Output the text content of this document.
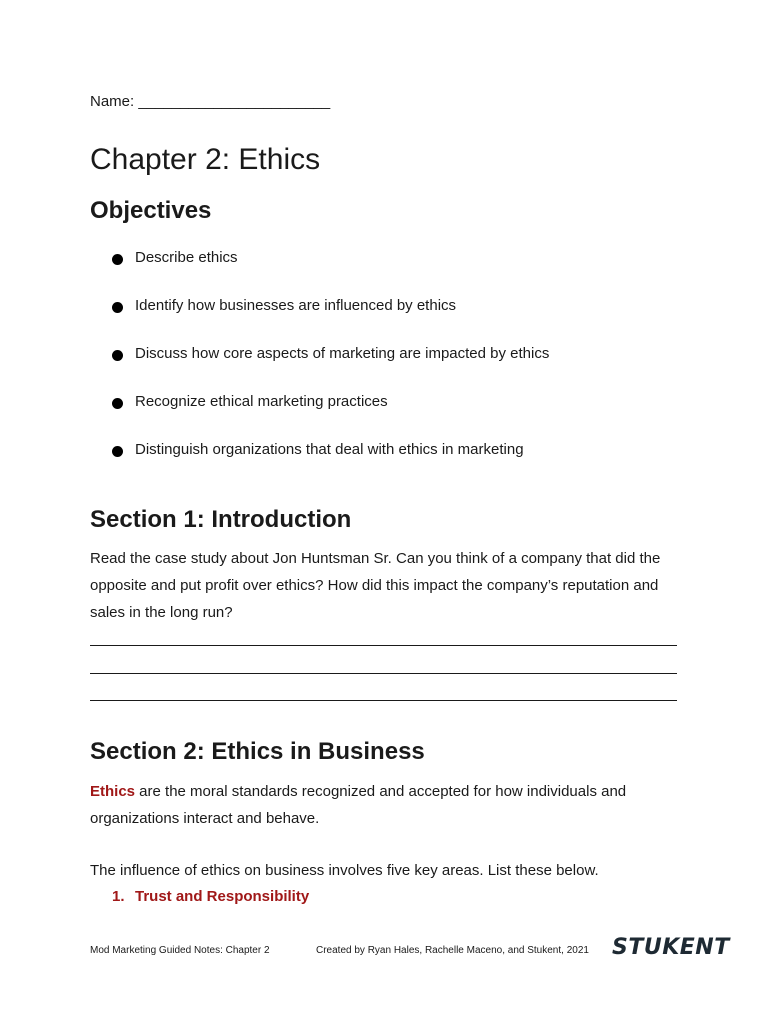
Name: _______________________
Chapter 2: Ethics
Objectives
Describe ethics
Identify how businesses are influenced by ethics
Discuss how core aspects of marketing are impacted by ethics
Recognize ethical marketing practices
Distinguish organizations that deal with ethics in marketing
Section 1: Introduction

Read the case study about Jon Huntsman Sr. Can you think of a company that did the opposite and put profit over ethics? How did this impact the company’s reputation and sales in the long run?

Section 2: Ethics in Business

Ethics are the moral standards recognized and accepted for how individuals and organizations interact and behave.

The influence of ethics on business involves five key areas. List these below.

1. Trust and Responsibility
Mod Marketing Guided Notes: Chapter 2	Created by Ryan Hales, Rachelle Maceno, and Stukent, 2021 STUKENT
